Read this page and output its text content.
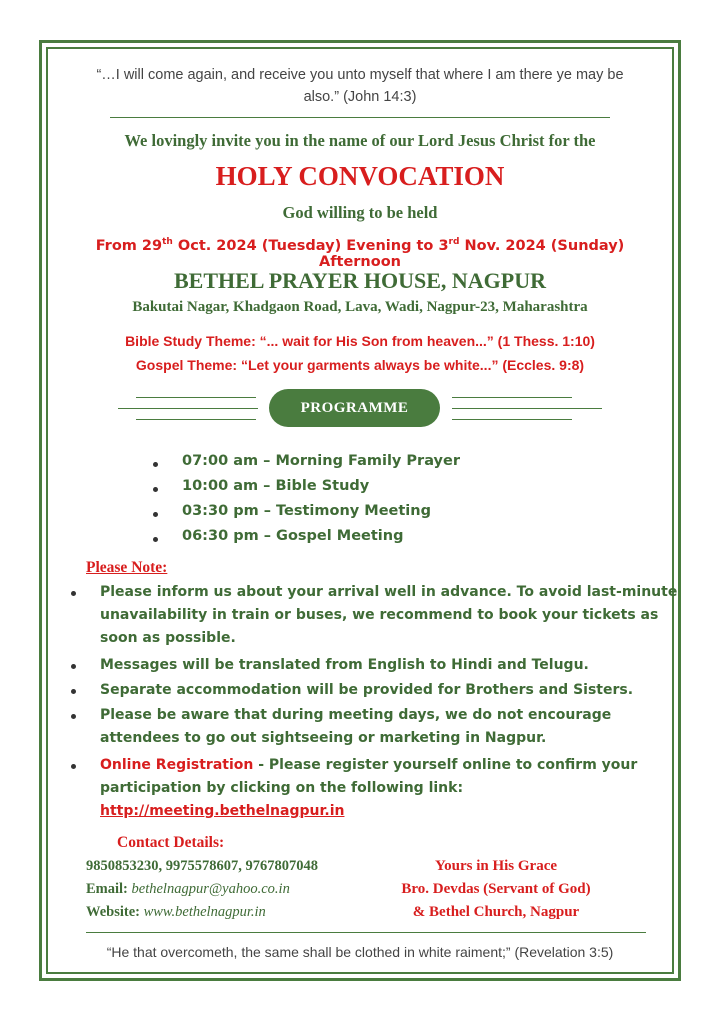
“…I will come again, and receive you unto myself that where I am there ye may be also.” (John 14:3)
We lovingly invite you in the name of our Lord Jesus Christ for the
HOLY CONVOCATION
God willing to be held
From 29th Oct. 2024 (Tuesday) Evening to 3rd Nov. 2024 (Sunday) Afternoon
BETHEL PRAYER HOUSE, NAGPUR
Bakutai Nagar, Khadgaon Road, Lava, Wadi, Nagpur-23, Maharashtra
Bible Study Theme: “... wait for His Son from heaven...” (1 Thess. 1:10)
Gospel Theme: “Let your garments always be white...” (Eccles. 9:8)
PROGRAMME
07:00 am – Morning Family Prayer
10:00 am – Bible Study
03:30 pm – Testimony Meeting
06:30 pm – Gospel Meeting
Please Note:
Please inform us about your arrival well in advance. To avoid last-minute unavailability in train or buses, we recommend to book your tickets as soon as possible.
Messages will be translated from English to Hindi and Telugu.
Separate accommodation will be provided for Brothers and Sisters.
Please be aware that during meeting days, we do not encourage attendees to go out sightseeing or marketing in Nagpur.
Online Registration - Please register yourself online to confirm your participation by clicking on the following link: http://meeting.bethelnagpur.in
Contact Details:
9850853230, 9975578607, 9767807048
Email: bethelnagpur@yahoo.co.in
Website: www.bethelnagpur.in
Yours in His Grace
Bro. Devdas (Servant of God)
& Bethel Church, Nagpur
“He that overcometh, the same shall be clothed in white raiment;” (Revelation 3:5)
